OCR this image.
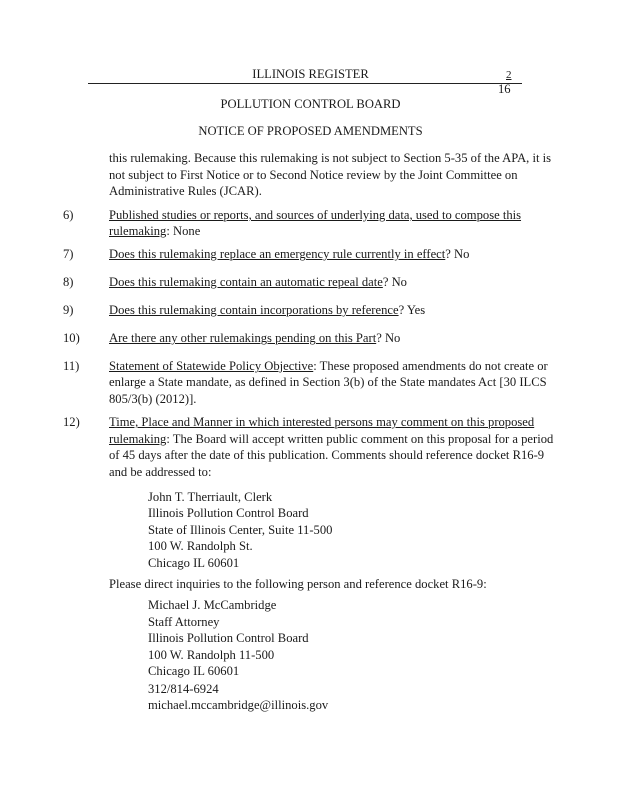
ILLINOIS REGISTER	2
16
POLLUTION CONTROL BOARD
NOTICE OF PROPOSED AMENDMENTS
this rulemaking. Because this rulemaking is not subject to Section 5-35 of the APA, it is
not subject to First Notice or to Second Notice review by the Joint Committee on
Administrative Rules (JCAR).
6)	Published studies or reports, and sources of underlying data, used to compose this
rulemaking: None
7)	Does this rulemaking replace an emergency rule currently in effect? No
8)	Does this rulemaking contain an automatic repeal date? No
9)	Does this rulemaking contain incorporations by reference? Yes
10) Are there any other rulemakings pending on this Part? No
11) Statement of Statewide Policy Objective: These proposed amendments do not create or
enlarge a State mandate, as defined in Section 3(b) of the State mandates Act [30 ILCS
805/3(b) (2012)].
12) Time, Place and Manner in which interested persons may comment on this proposed
rulemaking: The Board will accept written public comment on this proposal for a period
of 45 days after the date of this publication. Comments should reference docket R16-9
and be addressed to:
John T. Therriault, Clerk
Illinois Pollution Control Board
State of Illinois Center, Suite 11-500
100 W. Randolph St.
Chicago IL 60601
Please direct inquiries to the following person and reference docket R16-9:
Michael J. McCambridge
Staff Attorney
Illinois Pollution Control Board
100 W. Randolph 11-500
Chicago IL 60601
312/814-6924
michael.mccambridge@illinois.gov
